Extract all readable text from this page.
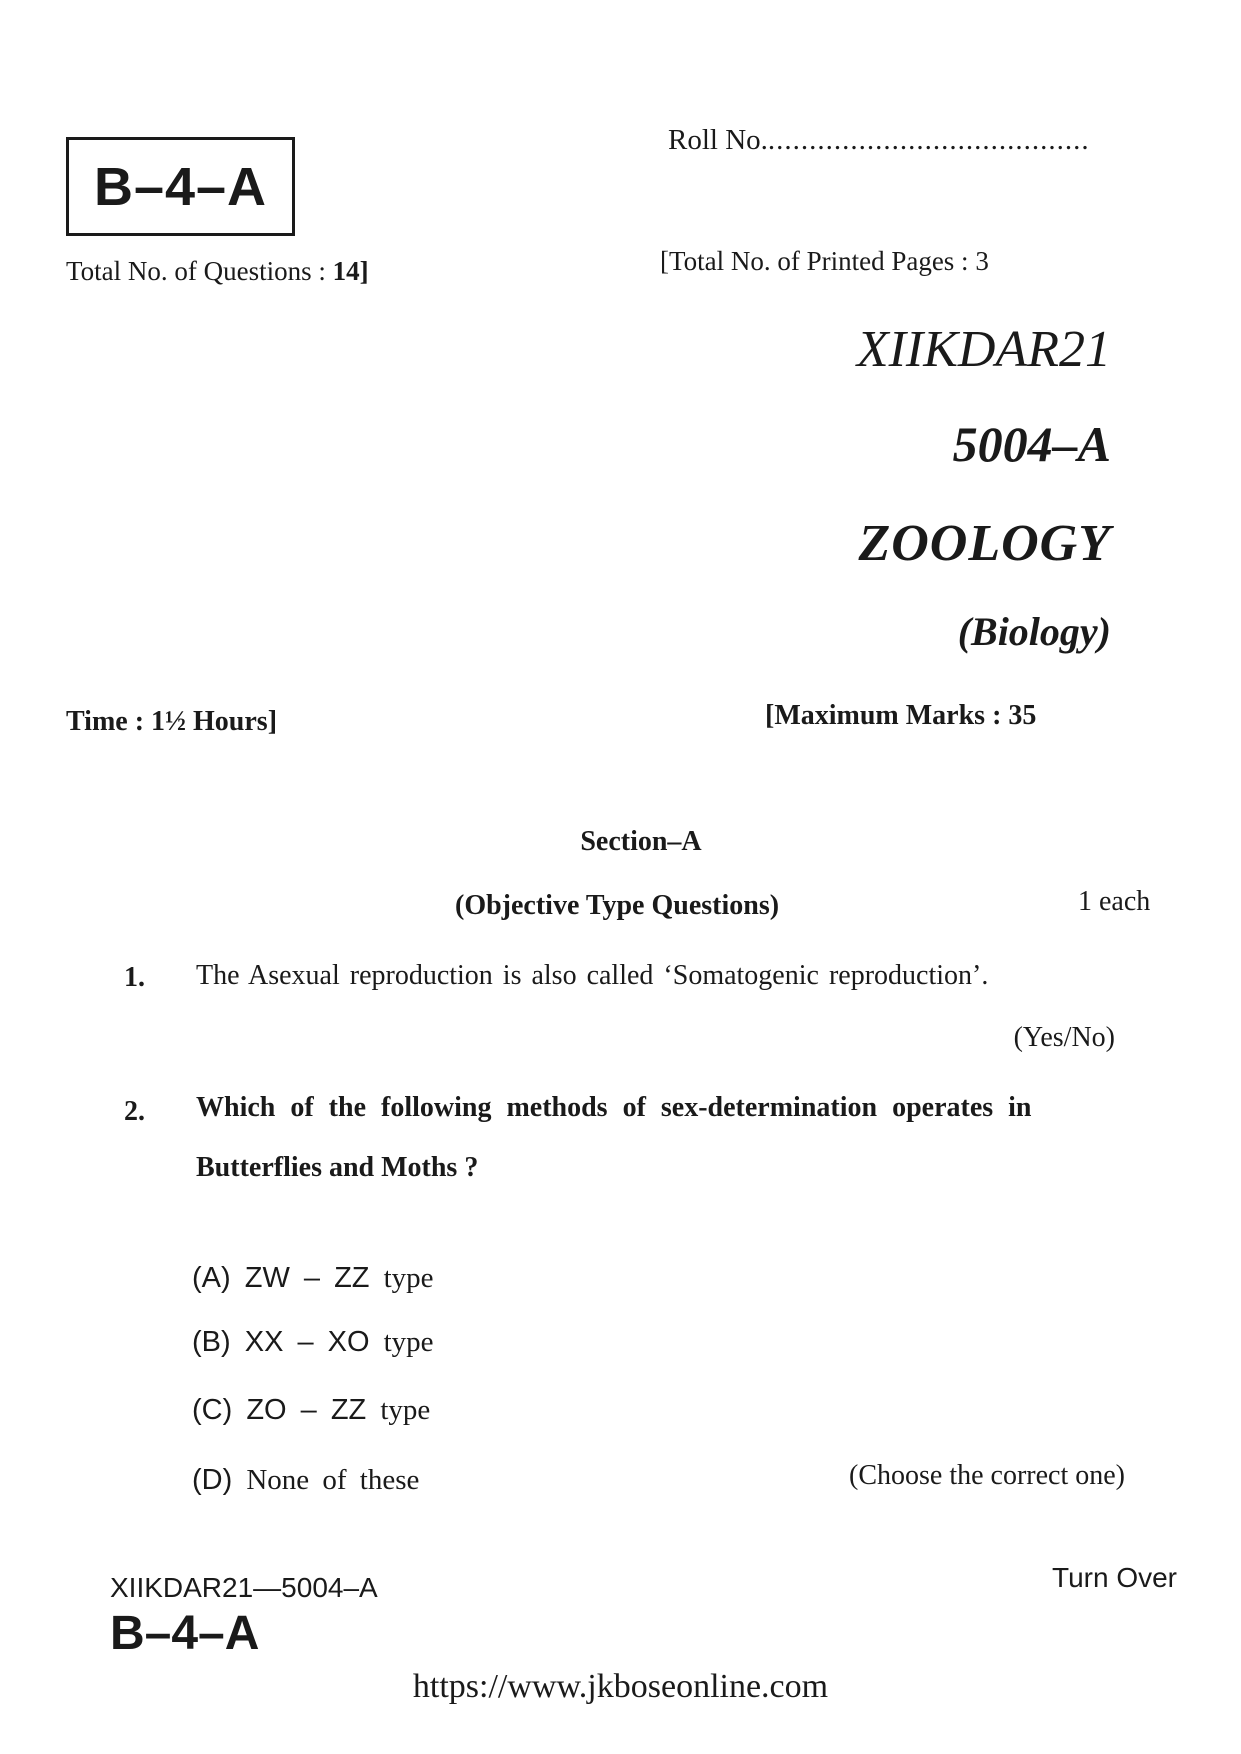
B–4–A
Roll No........................................
Total No. of Questions : 14]	[Total No. of Printed Pages : 3
XIIKDAR21
5004–A
ZOOLOGY
(Biology)
Time : 1½ Hours]	[Maximum Marks : 35
Section–A
(Objective Type Questions)	1 each
1. The Asexual reproduction is also called ‘Somatogenic reproduction’.
(Yes/No)
2. Which of the following methods of sex-determination operates in
Butterflies and Moths ?
(A) ZW – ZZ type
(B) XX – XO type
(C) ZO – ZZ type
(D) None of these	(Choose the correct one)
XIIKDAR21—5004–A	Turn Over
B–4–A
https://www.jkboseonline.com
